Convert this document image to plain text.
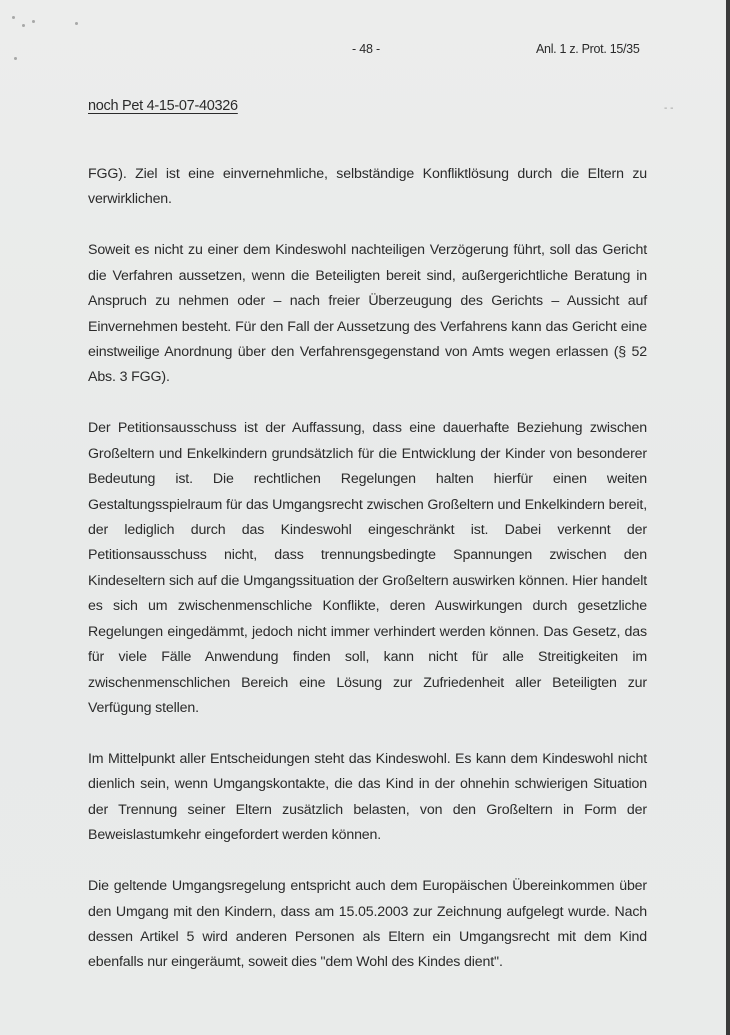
- 48 -	Anl. 1 z. Prot. 15/35
noch Pet 4-15-07-40326	- -

FGG). Ziel ist eine einvernehmliche, selbständige Konfliktlösung durch die Eltern zu verwirklichen.

Soweit es nicht zu einer dem Kindeswohl nachteiligen Verzögerung führt, soll das Gericht die Verfahren aussetzen, wenn die Beteiligten bereit sind, außergerichtliche Beratung in Anspruch zu nehmen oder – nach freier Überzeugung des Gerichts – Aussicht auf Einvernehmen besteht. Für den Fall der Aussetzung des Verfahrens kann das Gericht eine einstweilige Anordnung über den Verfahrensgegenstand von Amts wegen erlassen (§ 52 Abs. 3 FGG).

Der Petitionsausschuss ist der Auffassung, dass eine dauerhafte Beziehung zwischen Großeltern und Enkelkindern grundsätzlich für die Entwicklung der Kinder von besonderer Bedeutung ist. Die rechtlichen Regelungen halten hierfür einen weiten Gestaltungsspielraum für das Umgangsrecht zwischen Großeltern und Enkelkindern bereit, der lediglich durch das Kindeswohl eingeschränkt ist. Dabei verkennt der Petitionsausschuss nicht, dass trennungsbedingte Spannungen zwischen den Kindeseltern sich auf die Umgangssituation der Großeltern auswirken können. Hier handelt es sich um zwischenmenschliche Konflikte, deren Auswirkungen durch gesetzliche Regelungen eingedämmt, jedoch nicht immer verhindert werden können. Das Gesetz, das für viele Fälle Anwendung finden soll, kann nicht für alle Streitigkeiten im zwischenmenschlichen Bereich eine Lösung zur Zufriedenheit aller Beteiligten zur Verfügung stellen.

Im Mittelpunkt aller Entscheidungen steht das Kindeswohl. Es kann dem Kindeswohl nicht dienlich sein, wenn Umgangskontakte, die das Kind in der ohnehin schwierigen Situation der Trennung seiner Eltern zusätzlich belasten, von den Großeltern in Form der Beweislastumkehr eingefordert werden können.

Die geltende Umgangsregelung entspricht auch dem Europäischen Übereinkommen über den Umgang mit den Kindern, dass am 15.05.2003 zur Zeichnung aufgelegt wurde. Nach dessen Artikel 5 wird anderen Personen als Eltern ein Umgangsrecht mit dem Kind ebenfalls nur eingeräumt, soweit dies "dem Wohl des Kindes dient".
